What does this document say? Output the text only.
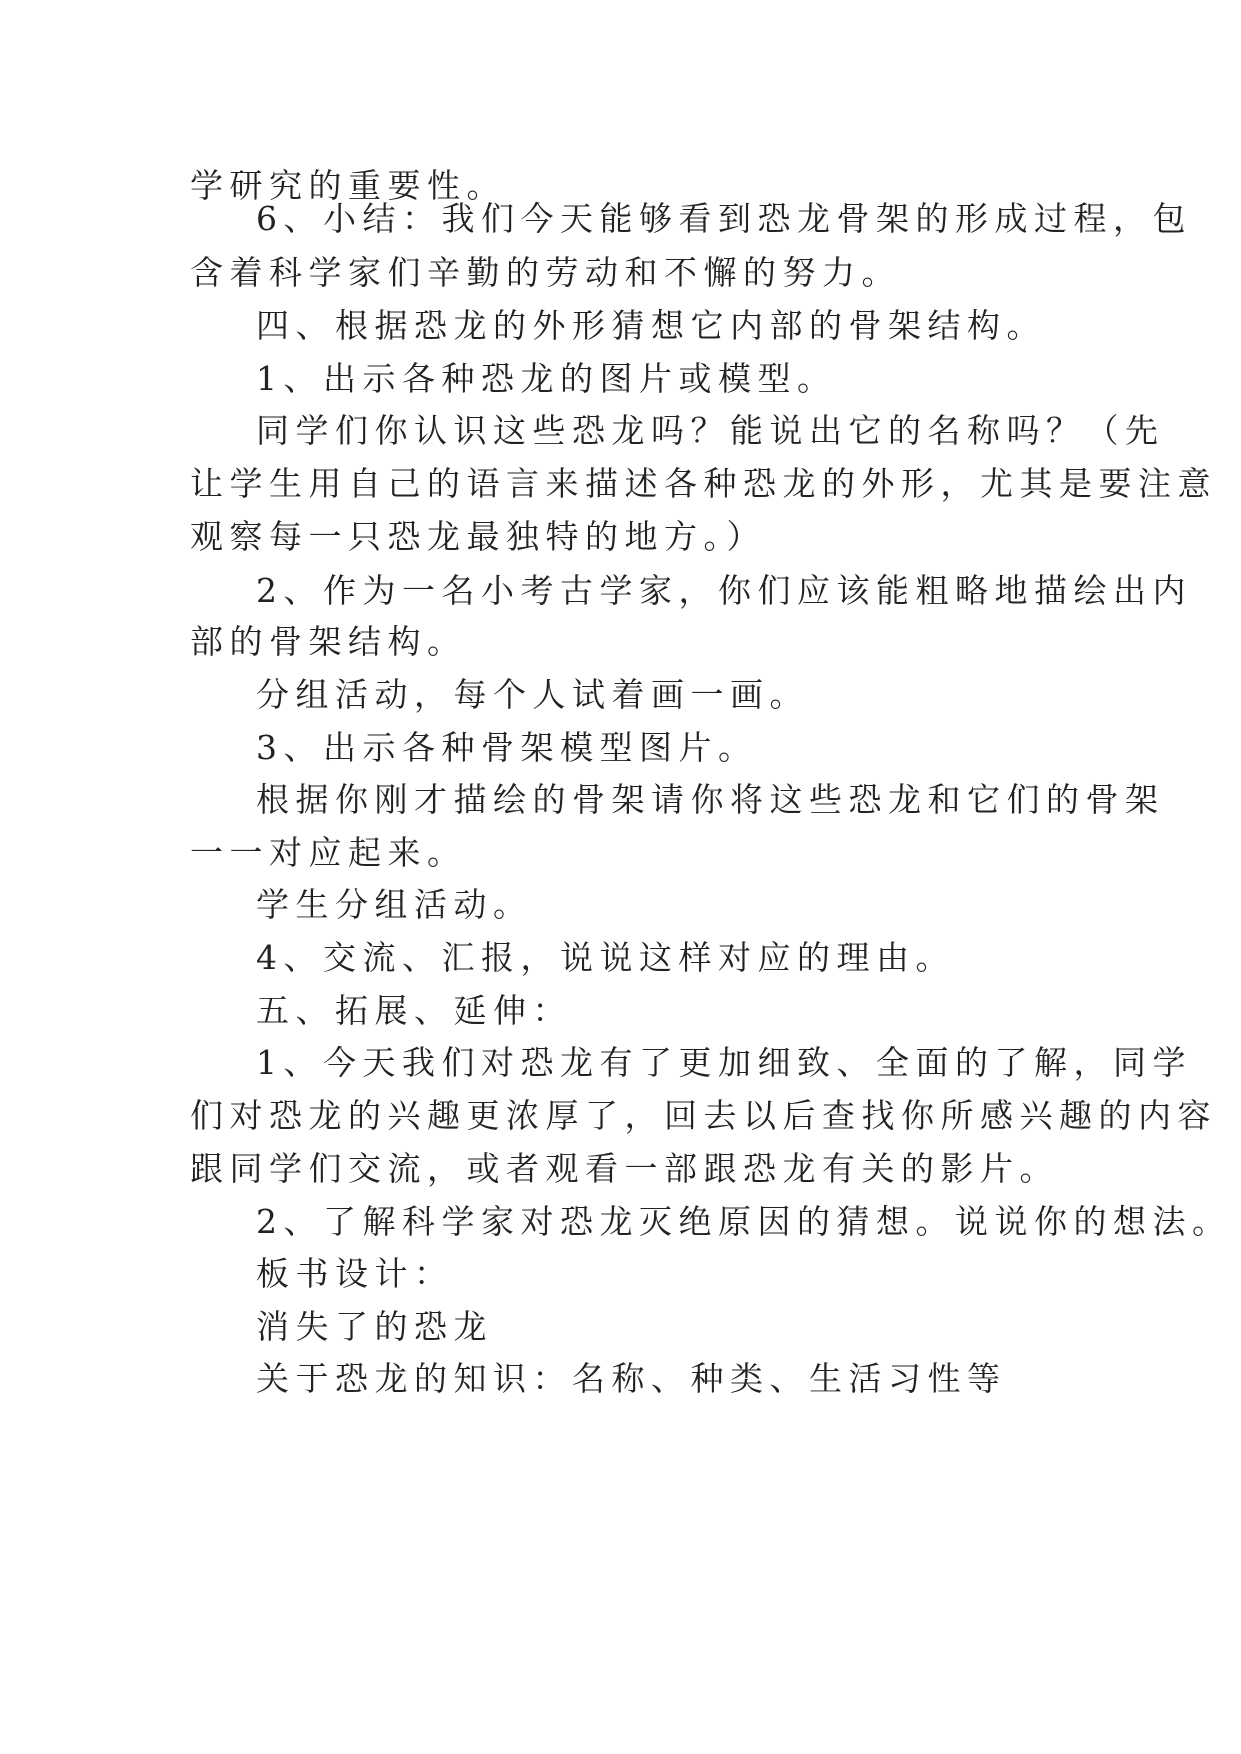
学研究的重要性。

6、小结：我们今天能够看到恐龙骨架的形成过程，包

含着科学家们辛勤的劳动和不懈的努力。

四、根据恐龙的外形猜想它内部的骨架结构。

1、出示各种恐龙的图片或模型。

同学们你认识这些恐龙吗？能说出它的名称吗？（先

让学生用自己的语言来描述各种恐龙的外形，尤其是要注意

观察每一只恐龙最独特的地方。）

2、作为一名小考古学家，你们应该能粗略地描绘出内

部的骨架结构。

分组活动，每个人试着画一画。

3、出示各种骨架模型图片。

根据你刚才描绘的骨架请你将这些恐龙和它们的骨架

一一对应起来。

学生分组活动。

4、交流、汇报，说说这样对应的理由。

五、拓展、延伸：

1、今天我们对恐龙有了更加细致、全面的了解，同学

们对恐龙的兴趣更浓厚了，回去以后查找你所感兴趣的内容

跟同学们交流，或者观看一部跟恐龙有关的影片。

2、了解科学家对恐龙灭绝原因的猜想。说说你的想法。

板书设计：

消失了的恐龙

关于恐龙的知识：名称、种类、生活习性等
